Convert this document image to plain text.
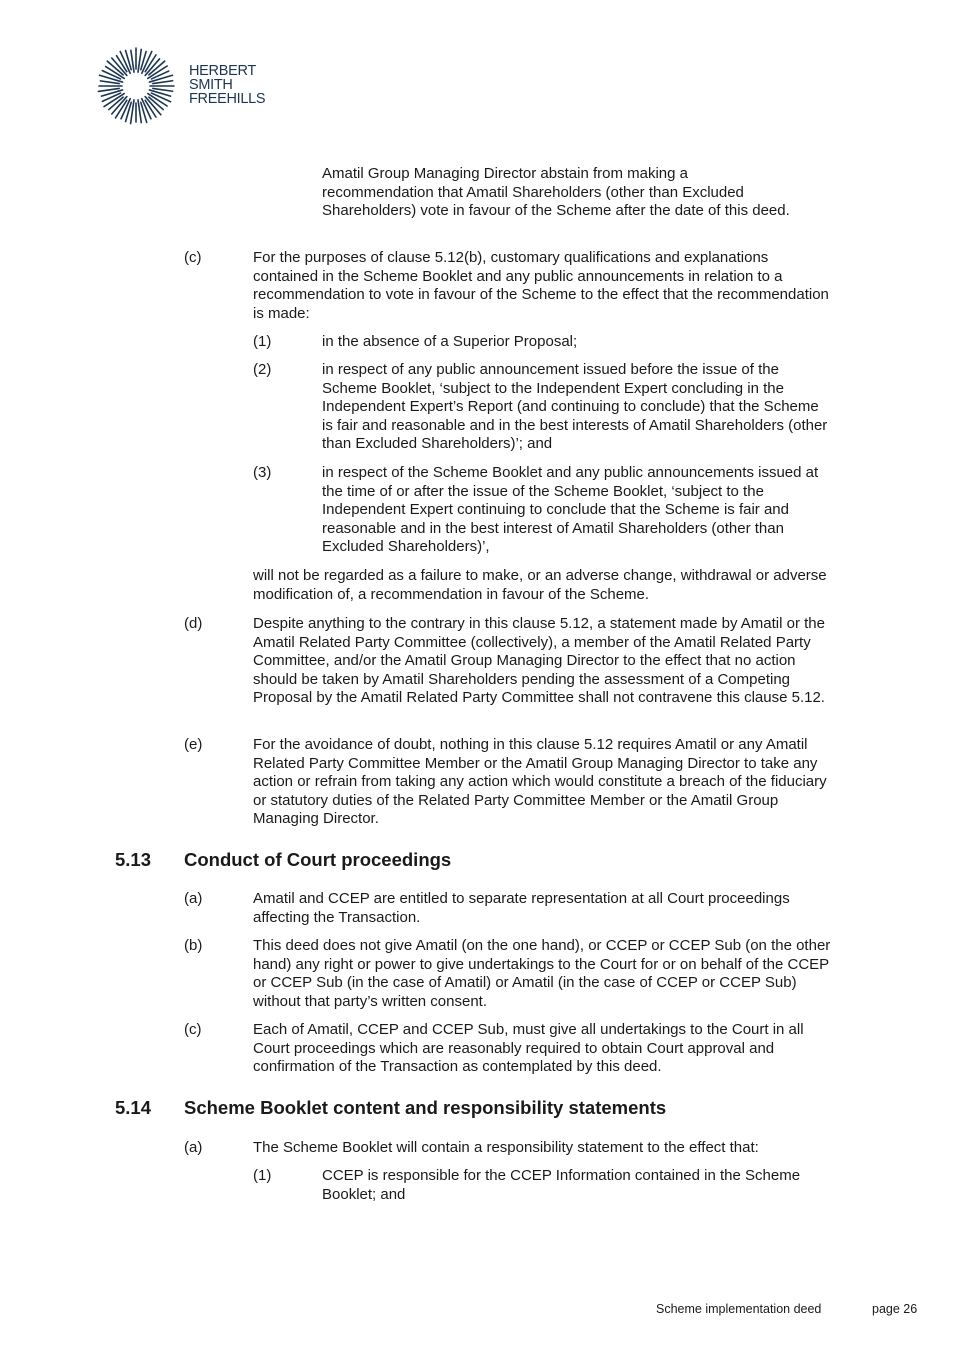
HERBERT
SMITH
FREEHILLS
Amatil Group Managing Director abstain from making a recommendation that Amatil Shareholders (other than Excluded Shareholders) vote in favour of the Scheme after the date of this deed.
(c)	For the purposes of clause 5.12(b), customary qualifications and explanations contained in the Scheme Booklet and any public announcements in relation to a recommendation to vote in favour of the Scheme to the effect that the recommendation is made:
(1)	in the absence of a Superior Proposal;
(2)	in respect of any public announcement issued before the issue of the Scheme Booklet, ‘subject to the Independent Expert concluding in the Independent Expert’s Report (and continuing to conclude) that the Scheme is fair and reasonable and in the best interests of Amatil Shareholders (other than Excluded Shareholders)’; and
(3)	in respect of the Scheme Booklet and any public announcements issued at the time of or after the issue of the Scheme Booklet, ‘subject to the Independent Expert continuing to conclude that the Scheme is fair and reasonable and in the best interest of Amatil Shareholders (other than Excluded Shareholders)’,
will not be regarded as a failure to make, or an adverse change, withdrawal or adverse modification of, a recommendation in favour of the Scheme.
(d)	Despite anything to the contrary in this clause 5.12, a statement made by Amatil or the Amatil Related Party Committee (collectively), a member of the Amatil Related Party Committee, and/or the Amatil Group Managing Director to the effect that no action should be taken by Amatil Shareholders pending the assessment of a Competing Proposal by the Amatil Related Party Committee shall not contravene this clause 5.12.
(e)	For the avoidance of doubt, nothing in this clause 5.12 requires Amatil or any Amatil Related Party Committee Member or the Amatil Group Managing Director to take any action or refrain from taking any action which would constitute a breach of the fiduciary or statutory duties of the Related Party Committee Member or the Amatil Group Managing Director.
5.13 Conduct of Court proceedings
(a)	Amatil and CCEP are entitled to separate representation at all Court proceedings affecting the Transaction.
(b)	This deed does not give Amatil (on the one hand), or CCEP or CCEP Sub (on the other hand) any right or power to give undertakings to the Court for or on behalf of the CCEP or CCEP Sub (in the case of Amatil) or Amatil (in the case of CCEP or CCEP Sub) without that party’s written consent.
(c)	Each of Amatil, CCEP and CCEP Sub, must give all undertakings to the Court in all Court proceedings which are reasonably required to obtain Court approval and confirmation of the Transaction as contemplated by this deed.
5.14 Scheme Booklet content and responsibility statements
(a)	The Scheme Booklet will contain a responsibility statement to the effect that:
(1)	CCEP is responsible for the CCEP Information contained in the Scheme Booklet; and
Scheme implementation deed	page 26
